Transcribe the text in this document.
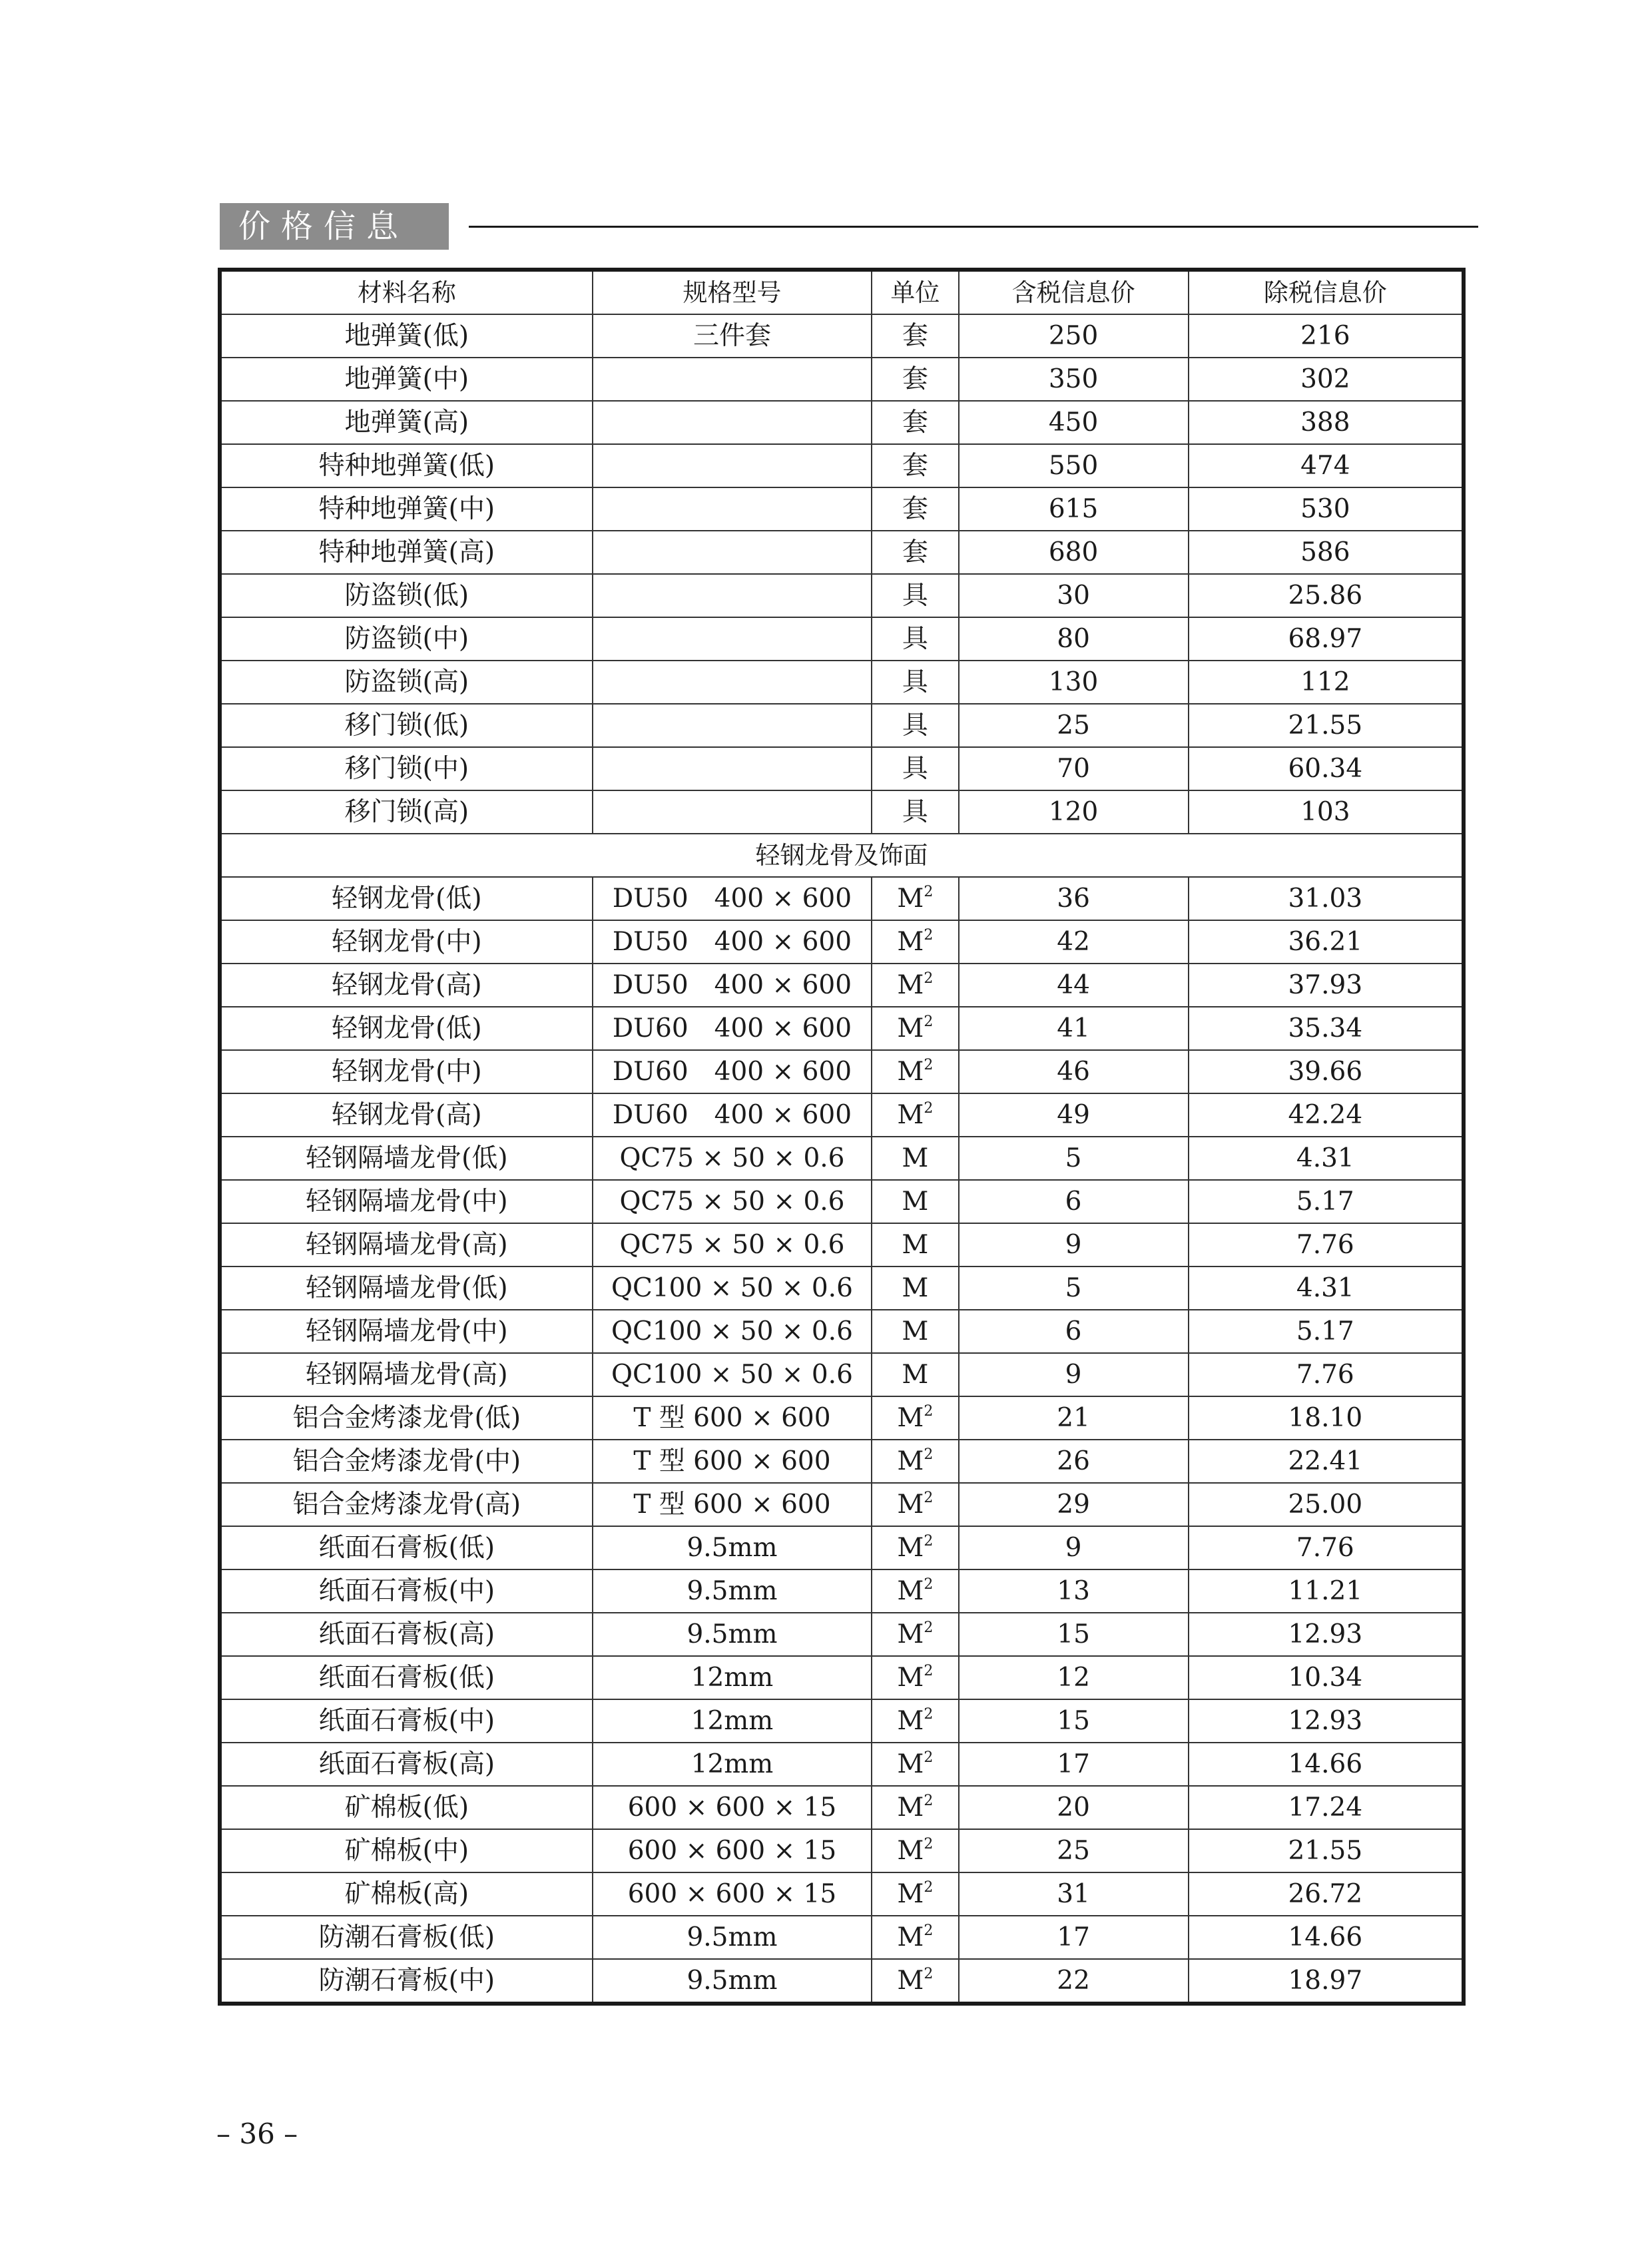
价格信息
材料名称	规格型号	单位	含税信息价	除税信息价
地弹簧(低)	三件套	套	250	216
地弹簧(中)		套	350	302
地弹簧(高)		套	450	388
特种地弹簧(低)		套	550	474
特种地弹簧(中)		套	615	530
特种地弹簧(高)		套	680	586
防盗锁(低)		具	30	25.86
防盗锁(中)		具	80	68.97
防盗锁(高)		具	130	112
移门锁(低)		具	25	21.55
移门锁(中)		具	70	60.34
移门锁(高)		具	120	103
轻钢龙骨及饰面				
轻钢龙骨(低)	DU50　400 × 600	$M^2$	36	31.03
轻钢龙骨(中)	DU50　400 × 600	$M^2$	42	36.21
轻钢龙骨(高)	DU50　400 × 600	$M^2$	44	37.93
轻钢龙骨(低)	DU60　400 × 600	$M^2$	41	35.34
轻钢龙骨(中)	DU60　400 × 600	$M^2$	46	39.66
轻钢龙骨(高)	DU60　400 × 600	$M^2$	49	42.24
轻钢隔墙龙骨(低)	QC75 × 50 × 0.6	M	5	4.31
轻钢隔墙龙骨(中)	QC75 × 50 × 0.6	M	6	5.17
轻钢隔墙龙骨(高)	QC75 × 50 × 0.6	M	9	7.76
轻钢隔墙龙骨(低)	QC100 × 50 × 0.6	M	5	4.31
轻钢隔墙龙骨(中)	QC100 × 50 × 0.6	M	6	5.17
轻钢隔墙龙骨(高)	QC100 × 50 × 0.6	M	9	7.76
铝合金烤漆龙骨(低)	T 型 600 × 600	$M^2$	21	18.10
铝合金烤漆龙骨(中)	T 型 600 × 600	$M^2$	26	22.41
铝合金烤漆龙骨(高)	T 型 600 × 600	$M^2$	29	25.00
纸面石膏板(低)	9.5mm	$M^2$	9	7.76
纸面石膏板(中)	9.5mm	$M^2$	13	11.21
纸面石膏板(高)	9.5mm	$M^2$	15	12.93
纸面石膏板(低)	12mm	$M^2$	12	10.34
纸面石膏板(中)	12mm	$M^2$	15	12.93
纸面石膏板(高)	12mm	$M^2$	17	14.66
矿棉板(低)	600 × 600 × 15	$M^2$	20	17.24
矿棉板(中)	600 × 600 × 15	$M^2$	25	21.55
矿棉板(高)	600 × 600 × 15	$M^2$	31	26.72
防潮石膏板(低)	9.5mm	$M^2$	17	14.66
防潮石膏板(中)	9.5mm	$M^2$	22	18.97
– 36 –
